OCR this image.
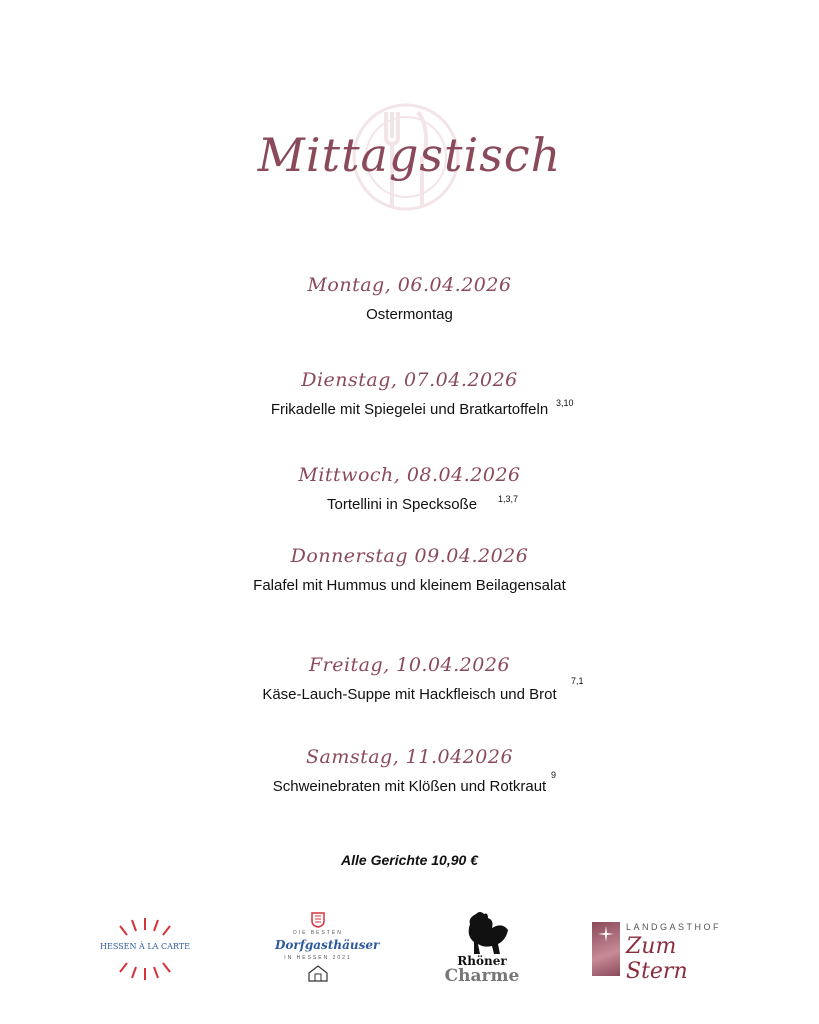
Mittagstisch
Montag, 06.04.2026
Ostermontag
Dienstag, 07.04.2026
Frikadelle mit Spiegelei und Bratkartoffeln 3,10
Mittwoch, 08.04.2026
Tortellini in Specksoße 1,3,7
Donnerstag 09.04.2026
Falafel mit Hummus und kleinem Beilagensalat
Freitag, 10.04.2026
Käse-Lauch-Suppe mit Hackfleisch und Brot
7,1
Samstag, 11.042026
Schweinebraten mit Klößen und Rotkraut
9
Alle Gerichte 10,90 €
HESSEN À LA CARTE
DIE BESTEN
Dorfgasthäuser
IN HESSEN 2021	Rhöner
Charme
LANDGASTHOF
Zum Stern
